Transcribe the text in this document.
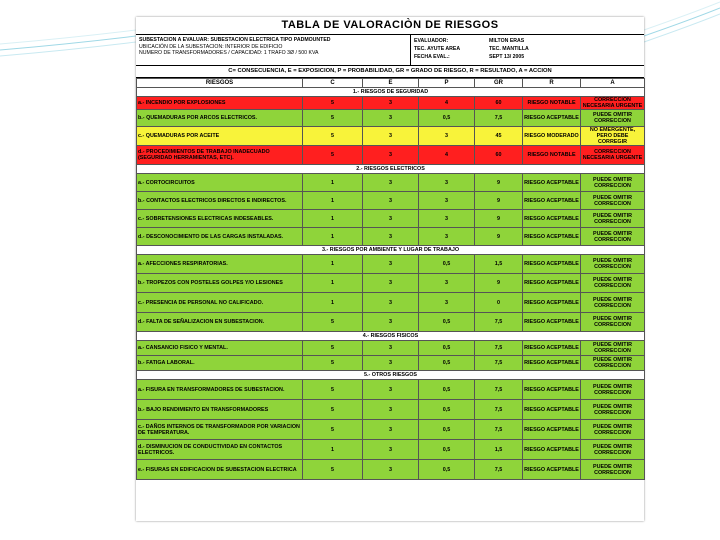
TABLA DE VALORACIÒN DE RIESGOS
SUBESTACION A EVALUAR: SUBESTACION ELECTRICA TIPO PADMOUNTED
UBICACIÓN DE LA SUBESTACION: INTERIOR DE EDIFICIO
NUMERO DE TRANSFORMADORES / CAPACIDAD: 1 TRAFO 3Ø / 500 KVA
EVALUADOR:	MILTON ERAS
TEC. AYUTE AREA	TEC. MANTILLA
FECHA EVAL.:	SEPT 13/ 2005
C= CONSECUENCIA, E = EXPOSICION, P = PROBABILIDAD, GR = GRADO DE RIESGO, R = RESULTADO, A = ACCION
RIESGOS	C	E	P	GR	R	A
1.- RIESGOS DE SEGURIDAD						
a.- INCENDIO POR EXPLOSIONES	5	3	4	60	RIESGO NOTABLE	CORRECCION NECESARIA URGENTE
b.- QUEMADURAS POR ARCOS ELECTRICOS.	5	3	0,5	7,5	RIESGO ACEPTABLE	PUEDE OMITIR CORRECCION
c.- QUEMADURAS POR ACEITE	5	3	3	45	RIESGO MODERADO	NO EMERGENTE, PERO DEBE CORREGIR
d.- PROCEDIMIENTOS DE TRABAJO INADECUADO (SEGURIDAD HERRAMIENTAS, ETC).	5	3	4	60	RIESGO NOTABLE	CORRECCION NECESARIA URGENTE
2.- RIESGOS ELECTRICOS						
a.- CORTOCIRCUITOS	1	3	3	9	RIESGO ACEPTABLE	PUEDE OMITIR CORRECCION
b.- CONTACTOS ELECTRICOS DIRECTOS E INDIRECTOS.	1	3	3	9	RIESGO ACEPTABLE	PUEDE OMITIR CORRECCION
c.- SOBRETENSIONES ELECTRICAS INDESEABLES.	1	3	3	9	RIESGO ACEPTABLE	PUEDE OMITIR CORRECCION
d.- DESCONOCIMIENTO DE LAS CARGAS INSTALADAS.	1	3	3	9	RIESGO ACEPTABLE	PUEDE OMITIR CORRECCION
3.- RIESGOS POR AMBIENTE Y LUGAR DE TRABAJO						
a.- AFECCIONES RESPIRATORIAS.	1	3	0,5	1,5	RIESGO ACEPTABLE	PUEDE OMITIR CORRECCION
b.- TROPEZOS CON POSTELES GOLPES Y/O LESIONES	1	3	3	9	RIESGO ACEPTABLE	PUEDE OMITIR CORRECCION
c.- PRESENCIA DE PERSONAL NO CALIFICADO.	1	3	3	0	RIESGO ACEPTABLE	PUEDE OMITIR CORRECCION
d.- FALTA DE SEÑALIZACION EN SUBESTACION.	5	3	0,5	7,5	RIESGO ACEPTABLE	PUEDE OMITIR CORRECCION
4.- RIESGOS FISICOS						
a.- CANSANCIO FISICO Y MENTAL.	5	3	0,5	7,5	RIESGO ACEPTABLE	PUEDE OMITIR CORRECCION
b.- FATIGA LABORAL.	5	3	0,5	7,5	RIESGO ACEPTABLE	PUEDE OMITIR CORRECCION
5.- OTROS RIESGOS						
a.- FISURA EN TRANSFORMADORES DE SUBESTACION.	5	3	0,5	7,5	RIESGO ACEPTABLE	PUEDE OMITIR CORRECCION
b.- BAJO RENDIMIENTO EN TRANSFORMADORES	5	3	0,5	7,5	RIESGO ACEPTABLE	PUEDE OMITIR CORRECCION
c.- DAÑOS INTERNOS DE TRANSFORMADOR POR VARIACION DE TEMPERATURA.	5	3	0,5	7,5	RIESGO ACEPTABLE	PUEDE OMITIR CORRECCION
d.- DISMINUCION DE CONDUCTIVIDAD EN CONTACTOS ELECTRICOS.	1	3	0,5	1,5	RIESGO ACEPTABLE	PUEDE OMITIR CORRECCION
e.- FISURAS EN EDIFICACION DE SUBESTACION ELECTRICA	5	3	0,5	7,5	RIESGO ACEPTABLE	PUEDE OMITIR CORRECCION
